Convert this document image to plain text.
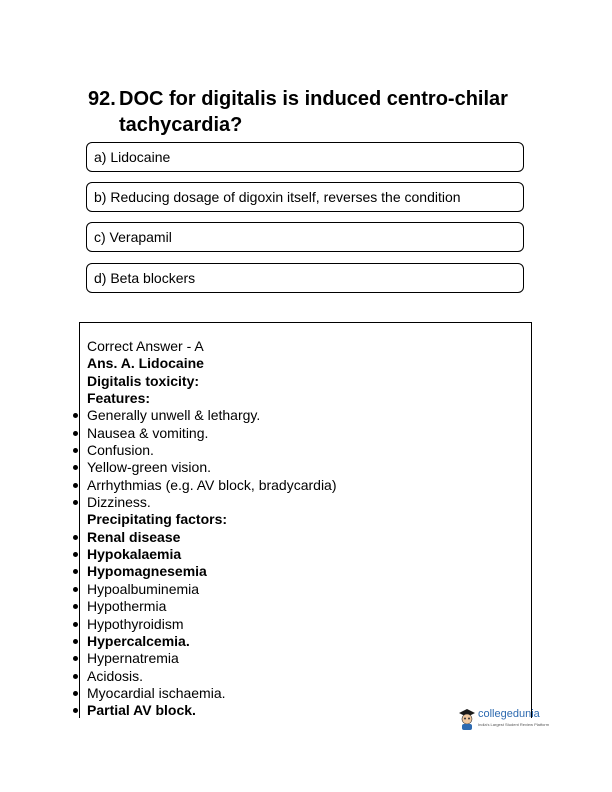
92. DOC for digitalis is induced centro-chilar tachycardia?
a) Lidocaine
b) Reducing dosage of digoxin itself, reverses the condition
c) Verapamil
d) Beta blockers
Correct Answer - A
Ans. A. Lidocaine
Digitalis toxicity:
Features:
Generally unwell & lethargy.
Nausea & vomiting.
Confusion.
Yellow-green vision.
Arrhythmias (e.g. AV block, bradycardia)
Dizziness.
Precipitating factors:
Renal disease
Hypokalaemia
Hypomagnesemia
Hypoalbuminemia
Hypothermia
Hypothyroidism
Hypercalcemia.
Hypernatremia
Acidosis.
Myocardial ischaemia.
Partial AV block.	collegedunia
India's Largest Student Review Platform
